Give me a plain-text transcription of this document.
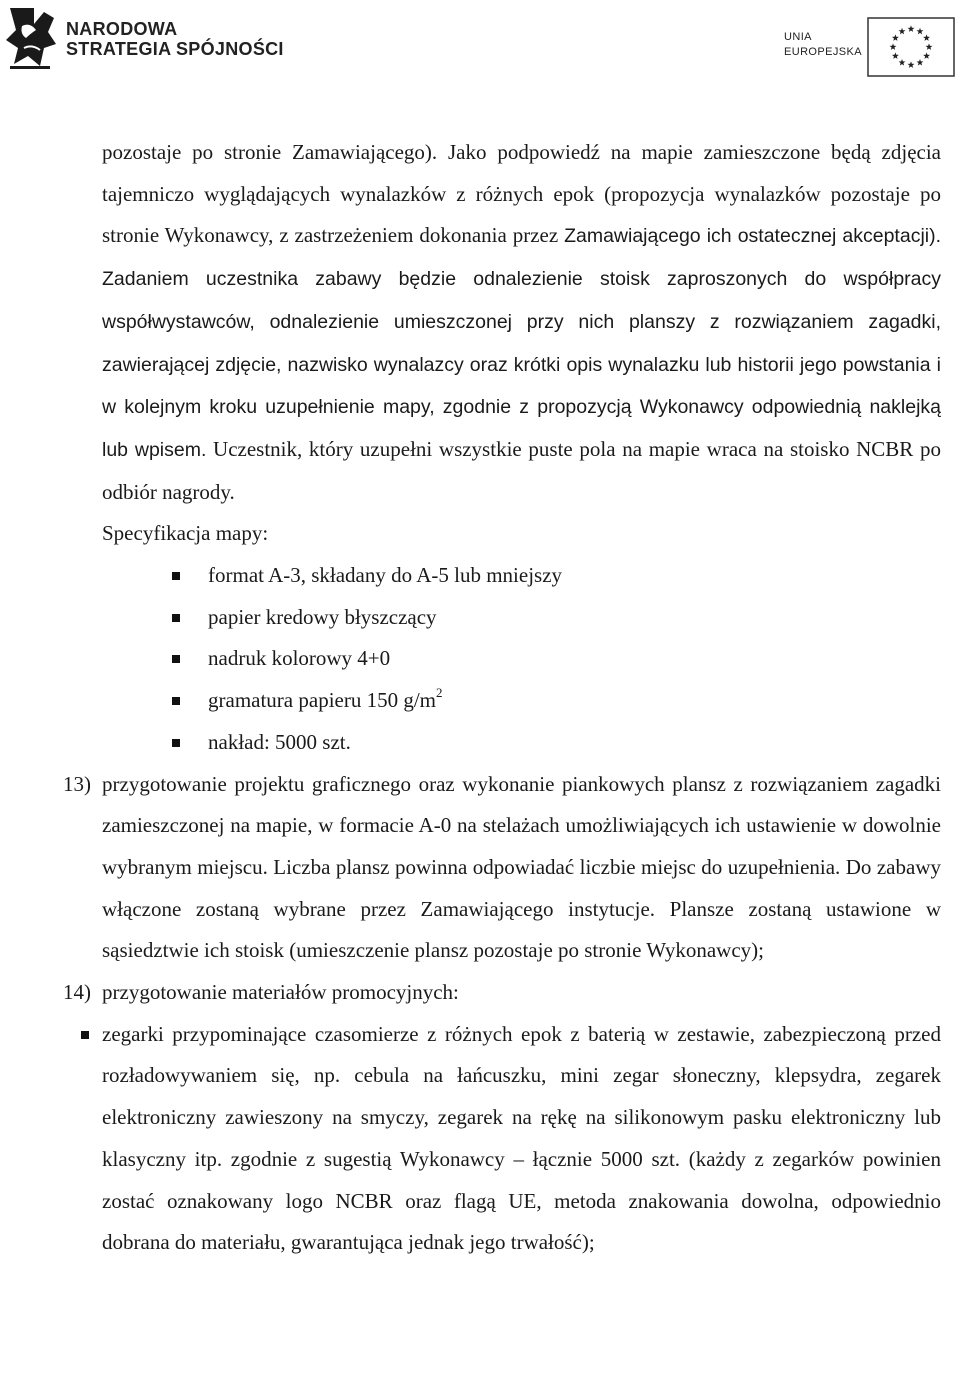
NARODOWA
STRATEGIA SPÓJNOŚCI
UNIA
EUROPEJSKA

pozostaje po stronie Zamawiającego). Jako podpowiedź na mapie zamieszczone będą zdjęcia tajemniczo wyglądających wynalazków z różnych epok (propozycja wynalazków pozostaje po stronie Wykonawcy, z zastrzeżeniem dokonania przez Zamawiającego ich ostatecznej akceptacji). Zadaniem uczestnika zabawy będzie odnalezienie stoisk zaproszonych do współpracy współwystawców, odnalezienie umieszczonej przy nich planszy z rozwiązaniem zagadki, zawierającej zdjęcie, nazwisko wynalazcy oraz krótki opis wynalazku lub historii jego powstania i w kolejnym kroku uzupełnienie mapy, zgodnie z propozycją Wykonawcy odpowiednią naklejką lub wpisem. Uczestnik, który uzupełni wszystkie puste pola na mapie wraca na stoisko NCBR po odbiór nagrody.

Specyfikacja mapy:

format A-3, składany do A-5 lub mniejszy
papier kredowy błyszczący
nadruk kolorowy 4+0
gramatura papieru 150 $g/m^2$
nakład: 5000 szt.
13) przygotowanie projektu graficznego oraz wykonanie piankowych plansz z rozwiązaniem zagadki zamieszczonej na mapie, w formacie A-0 na stelażach umożliwiających ich ustawienie w dowolnie wybranym miejscu. Liczba plansz powinna odpowiadać liczbie miejsc do uzupełnienia. Do zabawy włączone zostaną wybrane przez Zamawiającego instytucje. Plansze zostaną ustawione w sąsiedztwie ich stoisk (umieszczenie plansz pozostaje po stronie Wykonawcy);

14) przygotowanie materiałów promocyjnych:

zegarki przypominające czasomierze z różnych epok z baterią w zestawie, zabezpieczoną przed rozładowywaniem się, np. cebula na łańcuszku, mini zegar słoneczny, klepsydra, zegarek elektroniczny zawieszony na smyczy, zegarek na rękę na silikonowym pasku elektroniczny lub klasyczny itp. zgodnie z sugestią Wykonawcy – łącznie 5000 szt. (każdy z zegarków powinien zostać oznakowany logo NCBR oraz flagą UE, metoda znakowania dowolna, odpowiednio dobrana do materiału, gwarantująca jednak jego trwałość);
